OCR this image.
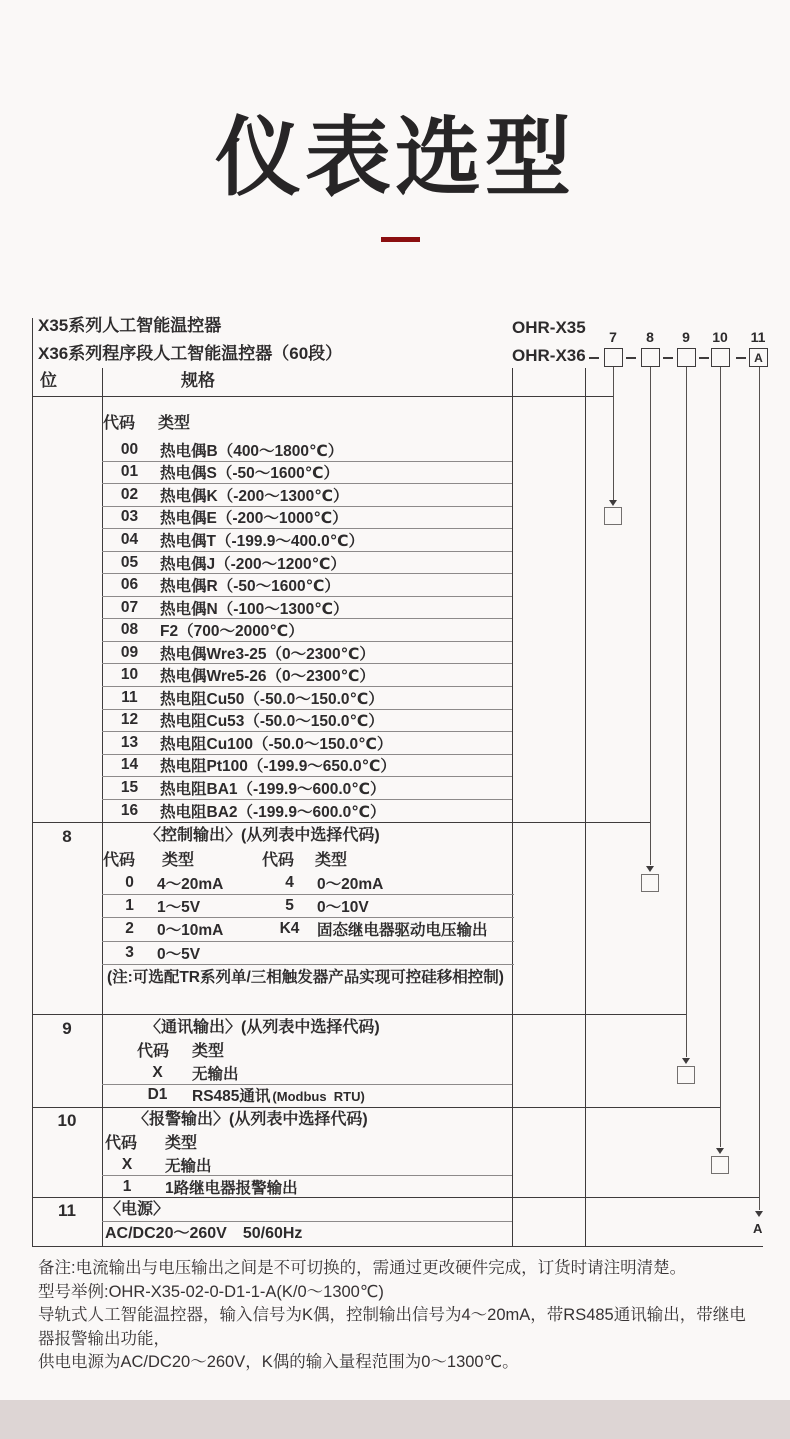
仪表选型
X35系列人工智能温控器	OHR-X35
X36系列程序段人工智能温控器（60段）	OHR-X36
7	8	9	10	11
A
位	规格
A
代码 类型
00	热电偶B（400～1800℃）
01	热电偶S（-50～1600℃）
02	热电偶K（-200～1300℃）
03	热电偶E（-200～1000℃）
04	热电偶T（-199.9～400.0℃）
05	热电偶J（-200～1200℃）
06	热电偶R（-50～1600℃）
07	热电偶N（-100～1300℃）
08	F2（700～2000℃）
09	热电偶Wre3-25（0～2300℃）
10	热电偶Wre5-26（0～2300℃）
11	热电阻Cu50（-50.0～150.0℃）
12	热电阻Cu53（-50.0～150.0℃）
13	热电阻Cu100（-50.0～150.0℃）
14	热电阻Pt100（-199.9～650.0℃）
15	热电阻BA1（-199.9～600.0℃）
16	热电阻BA2（-199.9～600.0℃）
8	〈控制输出〉(从列表中选择代码)
代码 类型	代码 类型
0	4～20mA	4	0～20mA
1	1～5V	5	0～10V
2	0～10mA	K4	固态继电器驱动电压输出
3	0～5V
(注:可选配TR系列单/三相触发器产品实现可控硅移相控制)
9	〈通讯输出〉(从列表中选择代码)
代码 类型
X	无输出
D1	RS485通讯 (Modbus  RTU)
10	〈报警输出〉(从列表中选择代码)
代码 类型
X	无输出
1	1路继电器报警输出
11	〈电源〉
AC/DC20～260V　50/60Hz
备注:电流输出与电压输出之间是不可切换的，需通过更改硬件完成，订货时请注明清楚。
型号举例:OHR-X35-02-0-D1-1-A(K/0～1300℃)
导轨式人工智能温控器，输入信号为K偶，控制输出信号为4～20mA，带RS485通讯输出，带继电器报警输出功能，
供电电源为AC/DC20～260V，K偶的输入量程范围为0～1300℃。
